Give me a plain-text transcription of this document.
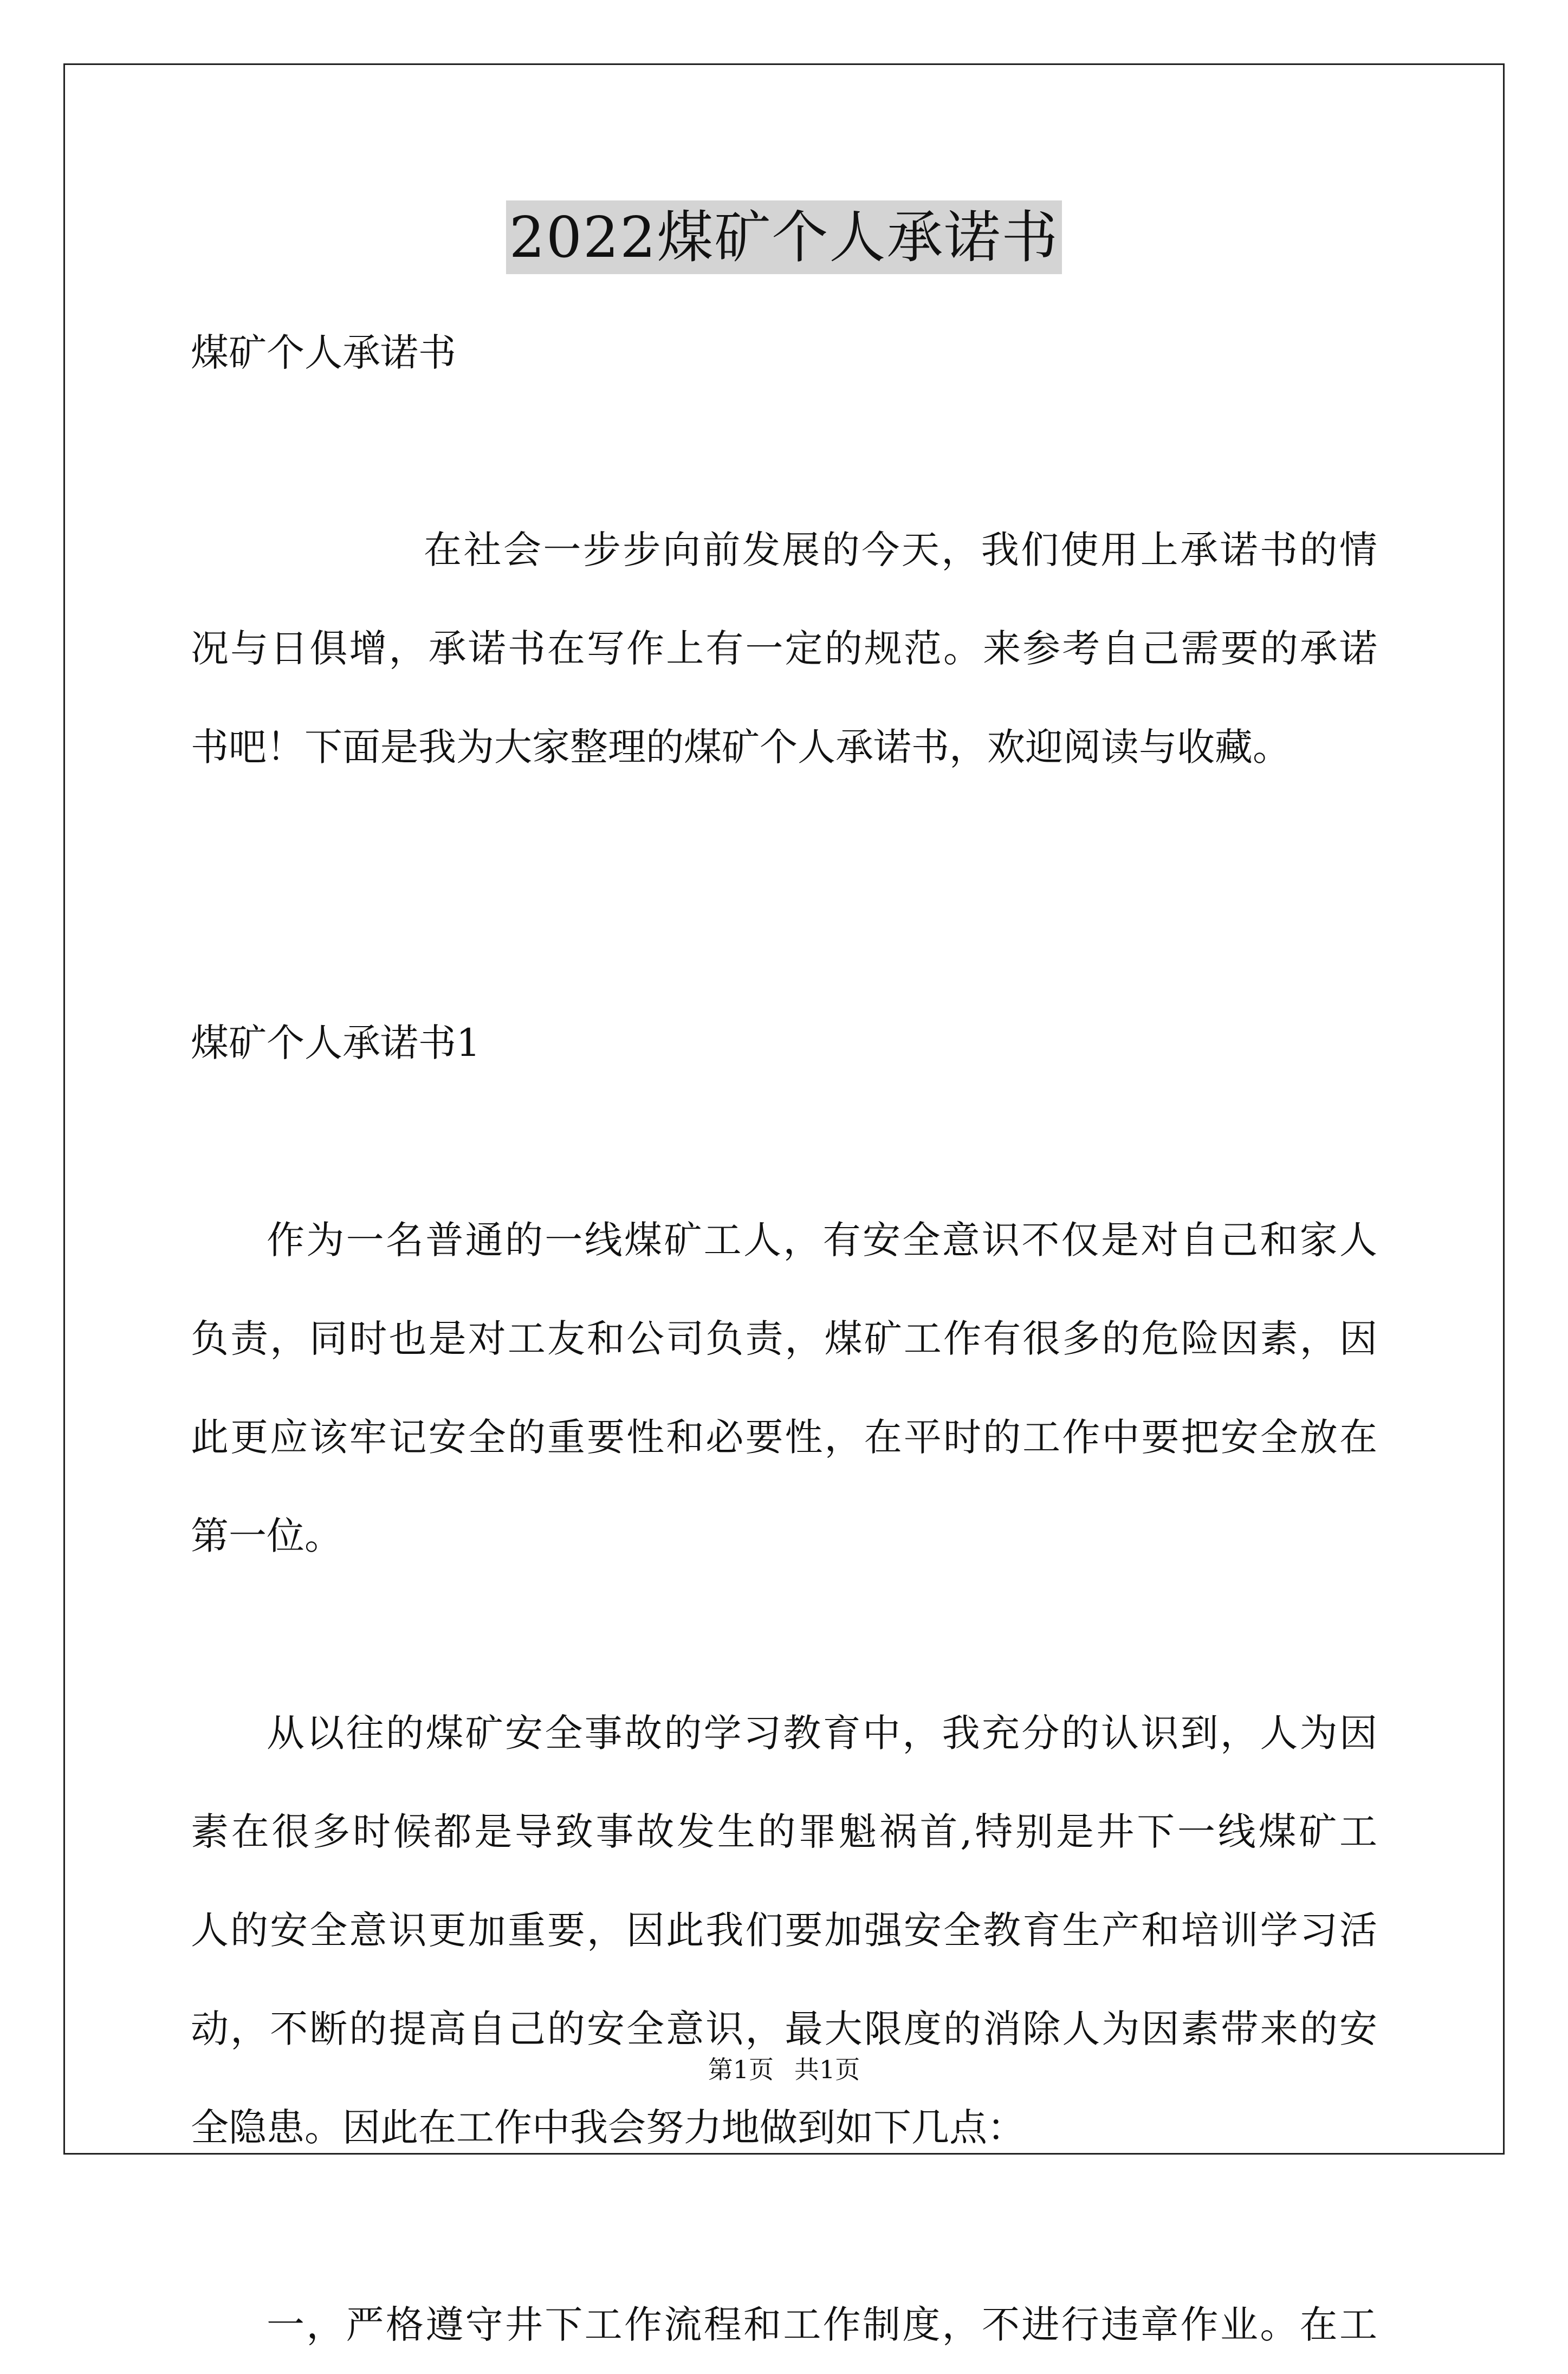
2022煤矿个人承诺书
煤矿个人承诺书
在社会一步步向前发展的今天，我们使用上承诺书的情
况与日俱增，承诺书在写作上有一定的规范。来参考自己需要的承诺
书吧！下面是我为大家整理的煤矿个人承诺书，欢迎阅读与收藏。
煤矿个人承诺书1
作为一名普通的一线煤矿工人，有安全意识不仅是对自己和家人
负责，同时也是对工友和公司负责，煤矿工作有很多的危险因素，因
此更应该牢记安全的重要性和必要性，在平时的工作中要把安全放在
第一位。
从以往的煤矿安全事故的学习教育中，我充分的认识到，人为因
素在很多时候都是导致事故发生的罪魁祸首,特别是井下一线煤矿工
人的安全意识更加重要，因此我们要加强安全教育生产和培训学习活
动，不断的提高自己的安全意识，最大限度的消除人为因素带来的安
全隐患。因此在工作中我会努力地做到如下几点：
一，严格遵守井下工作流程和工作制度，不进行违章作业。在工
第1页 共1页
